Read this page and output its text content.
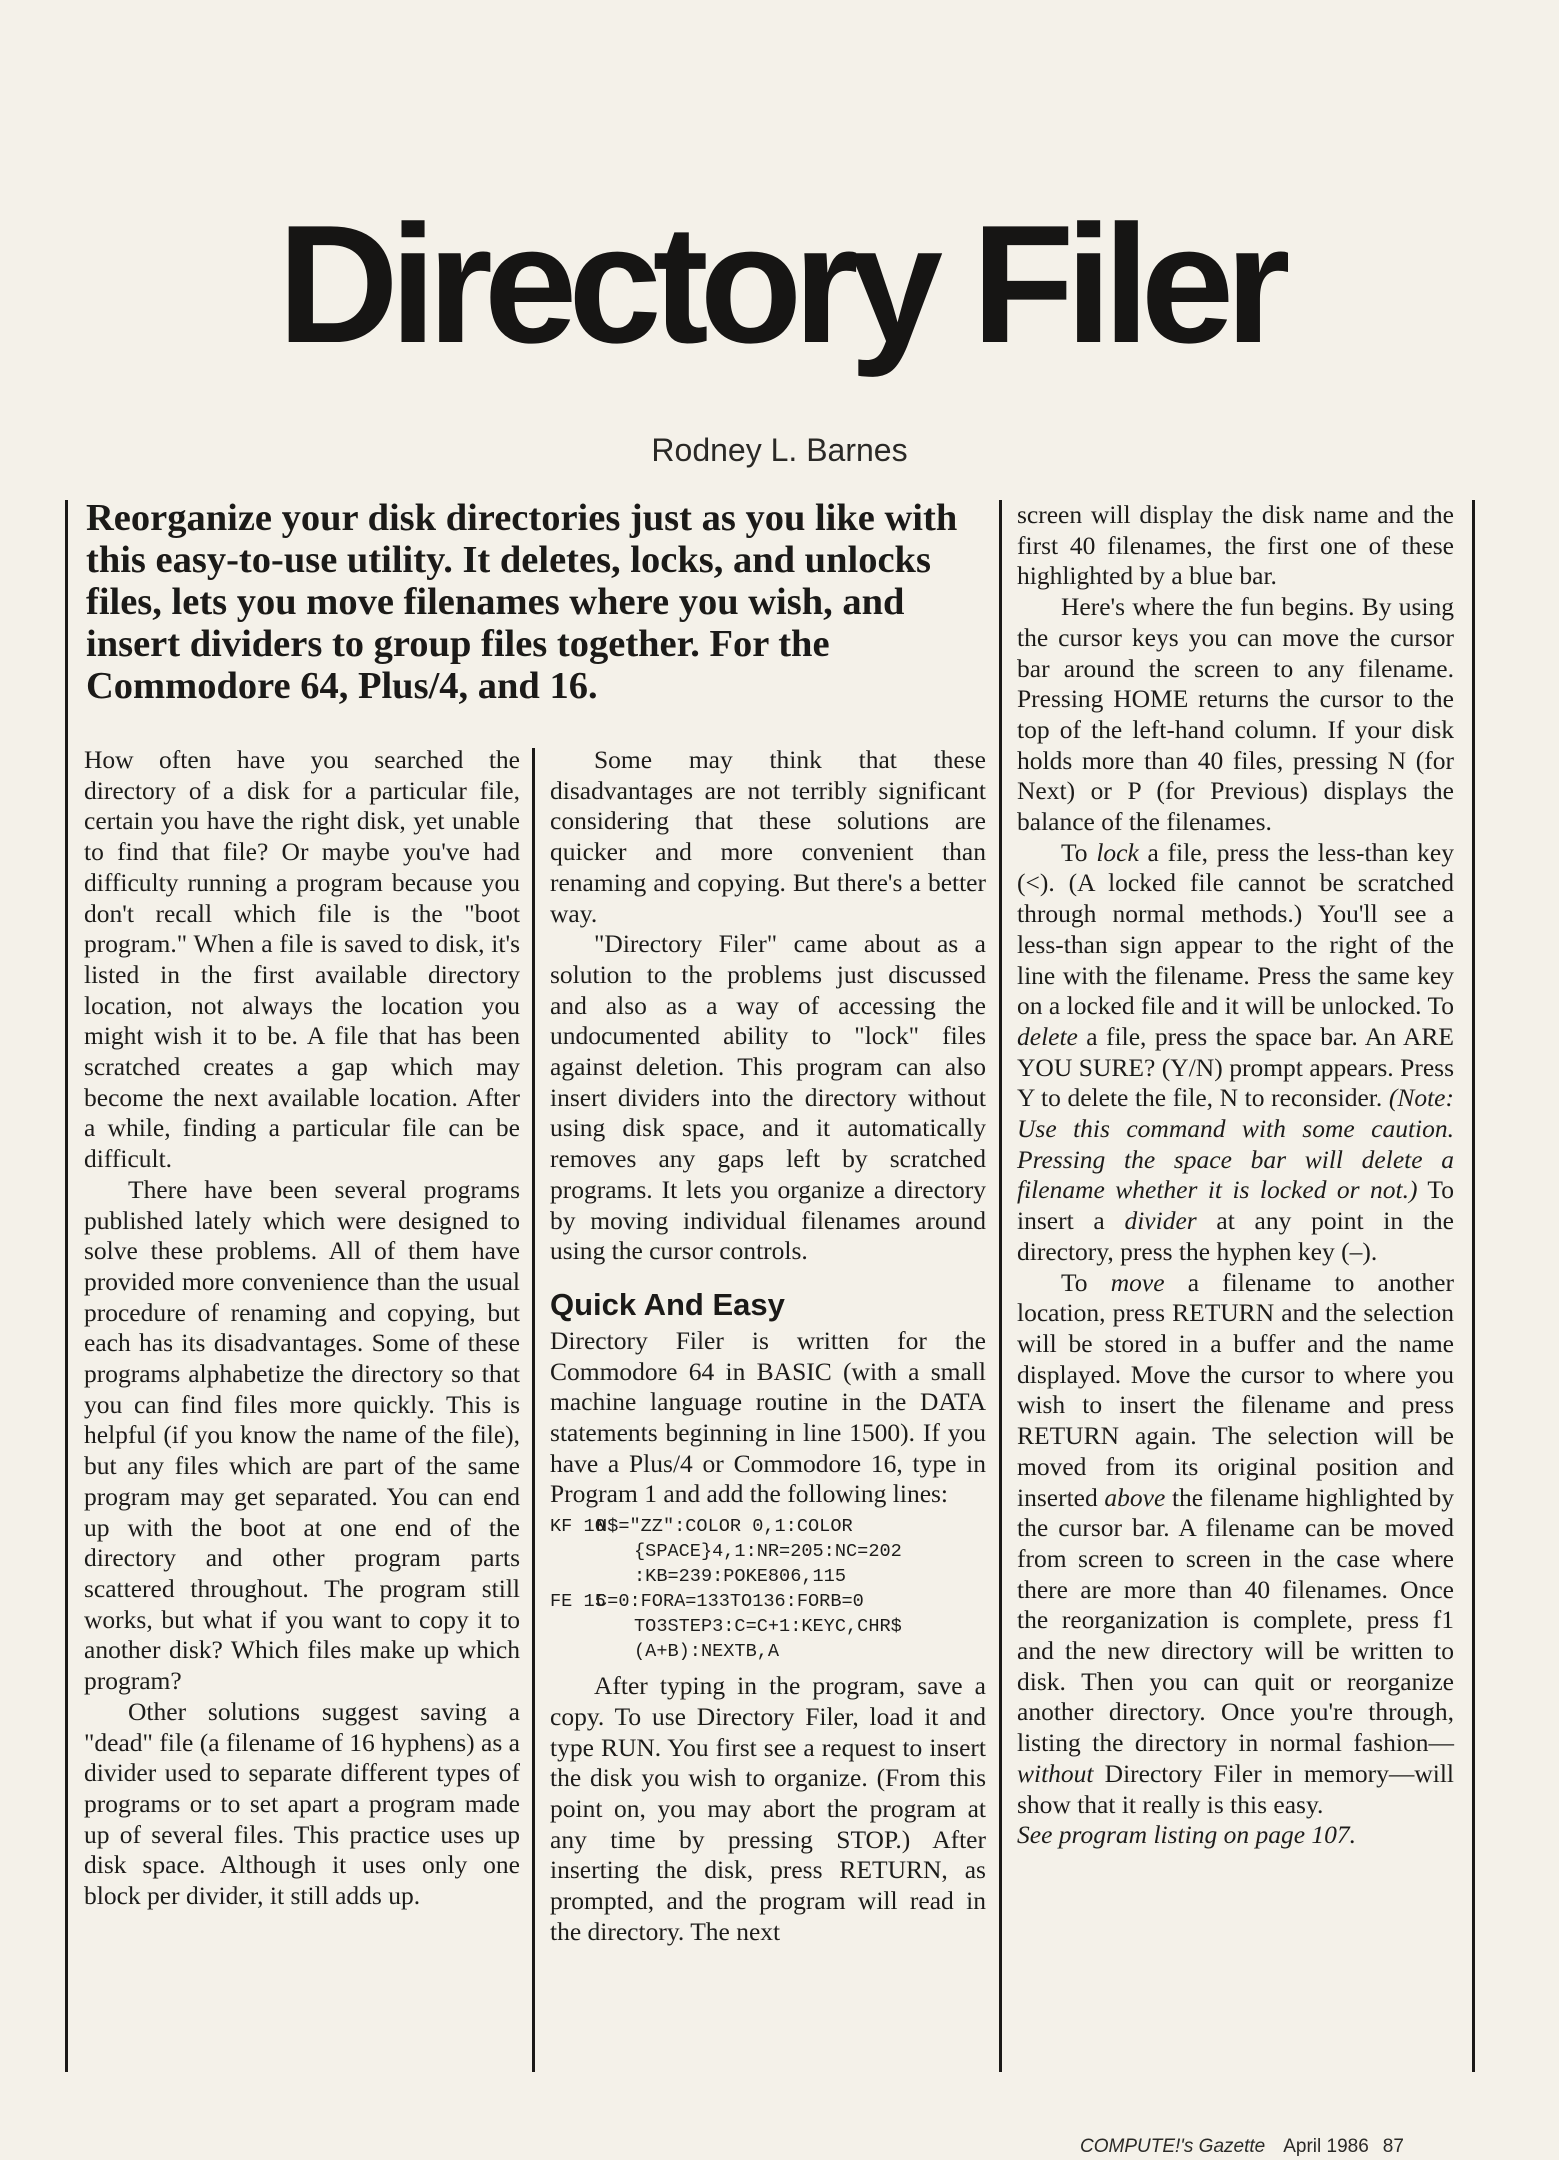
Directory Filer
Rodney L. Barnes
Reorganize your disk directories just as you like with this easy-to-use utility. It deletes, locks, and unlocks files, lets you move filenames where you wish, and insert dividers to group files together. For the Commodore 64, Plus/4, and 16.

How often have you searched the directory of a disk for a particular file, certain you have the right disk, yet unable to find that file? Or maybe you've had difficulty running a program because you don't recall which file is the "boot program." When a file is saved to disk, it's listed in the first available directory location, not always the location you might wish it to be. A file that has been scratched creates a gap which may become the next available location. After a while, finding a particular file can be difficult.

There have been several programs published lately which were designed to solve these problems. All of them have provided more convenience than the usual procedure of renaming and copying, but each has its disadvantages. Some of these programs alphabetize the directory so that you can find files more quickly. This is helpful (if you know the name of the file), but any files which are part of the same program may get separated. You can end up with the boot at one end of the directory and other program parts scattered throughout. The program still works, but what if you want to copy it to another disk? Which files make up which program?

Other solutions suggest saving a "dead" file (a filename of 16 hyphens) as a divider used to separate different types of programs or to set apart a program made up of several files. This practice uses up disk space. Although it uses only one block per divider, it still adds up.

Some may think that these disadvantages are not terribly significant considering that these solutions are quicker and more convenient than renaming and copying. But there's a better way.

"Directory Filer" came about as a solution to the problems just discussed and also as a way of accessing the undocumented ability to "lock" files against deletion. This program can also insert dividers into the directory without using disk space, and it automatically removes any gaps left by scratched programs. It lets you organize a directory by moving individual filenames around using the cursor controls.

Quick And Easy

Directory Filer is written for the Commodore 64 in BASIC (with a small machine language routine in the DATA statements beginning in line 1500). If you have a Plus/4 or Commodore 16, type in Program 1 and add the following lines:

KF 10N$="ZZ":COLOR 0,1:COLOR
{SPACE}4,1:NR=205:NC=202
:KB=239:POKE806,115
FE 15C=0:FORA=133TO136:FORB=0
TO3STEP3:C=C+1:KEYC,CHR$
(A+B):NEXTB,A

After typing in the program, save a copy. To use Directory Filer, load it and type RUN. You first see a request to insert the disk you wish to organize. (From this point on, you may abort the program at any time by pressing STOP.) After inserting the disk, press RETURN, as prompted, and the program will read in the directory. The next

screen will display the disk name and the first 40 filenames, the first one of these highlighted by a blue bar.

Here's where the fun begins. By using the cursor keys you can move the cursor bar around the screen to any filename. Pressing HOME returns the cursor to the top of the left-hand column. If your disk holds more than 40 files, pressing N (for Next) or P (for Previous) displays the balance of the filenames.

To lock a file, press the less-than key (<). (A locked file cannot be scratched through normal methods.) You'll see a less-than sign appear to the right of the line with the filename. Press the same key on a locked file and it will be unlocked. To delete a file, press the space bar. An ARE YOU SURE? (Y/N) prompt appears. Press Y to delete the file, N to reconsider. (Note: Use this command with some caution. Pressing the space bar will delete a filename whether it is locked or not.) To insert a divider at any point in the directory, press the hyphen key (–).

To move a filename to another location, press RETURN and the selection will be stored in a buffer and the name displayed. Move the cursor to where you wish to insert the filename and press RETURN again. The selection will be moved from its original position and inserted above the filename highlighted by the cursor bar. A filename can be moved from screen to screen in the case where there are more than 40 filenames. Once the reorganization is complete, press f1 and the new directory will be written to disk. Then you can quit or reorganize another directory. Once you're through, listing the directory in normal fashion—without Directory Filer in memory—will show that it really is this easy.

See program listing on page 107.

COMPUTE!'s Gazette April 1986 87
